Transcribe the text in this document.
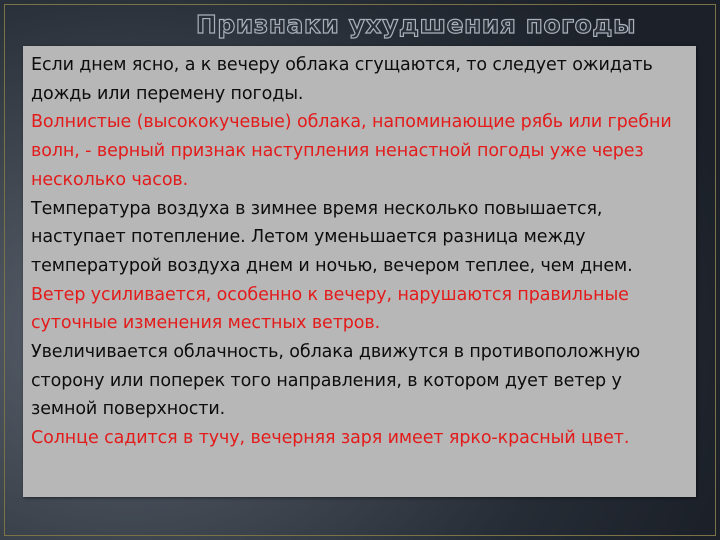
Признаки ухудшения погоды

Если днем ясно, а к вечеру облака сгущаются, то следует ожидать дождь или перемену погоды.

Волнистые (высококучевые) облака, напоминающие рябь или гребни волн, - верный признак наступления ненастной погоды уже через несколько часов.

Температура воздуха в зимнее время несколько повышается, наступает потепление. Летом уменьшается разница между температурой воздуха днем и ночью, вечером теплее, чем днем.

Ветер усиливается, особенно к вечеру, нарушаются правильные суточные изменения местных ветров.

Увеличивается облачность, облака движутся в противоположную сторону или поперек того направления, в котором дует ветер у земной поверхности.

Солнце садится в тучу, вечерняя заря имеет ярко-красный цвет.
